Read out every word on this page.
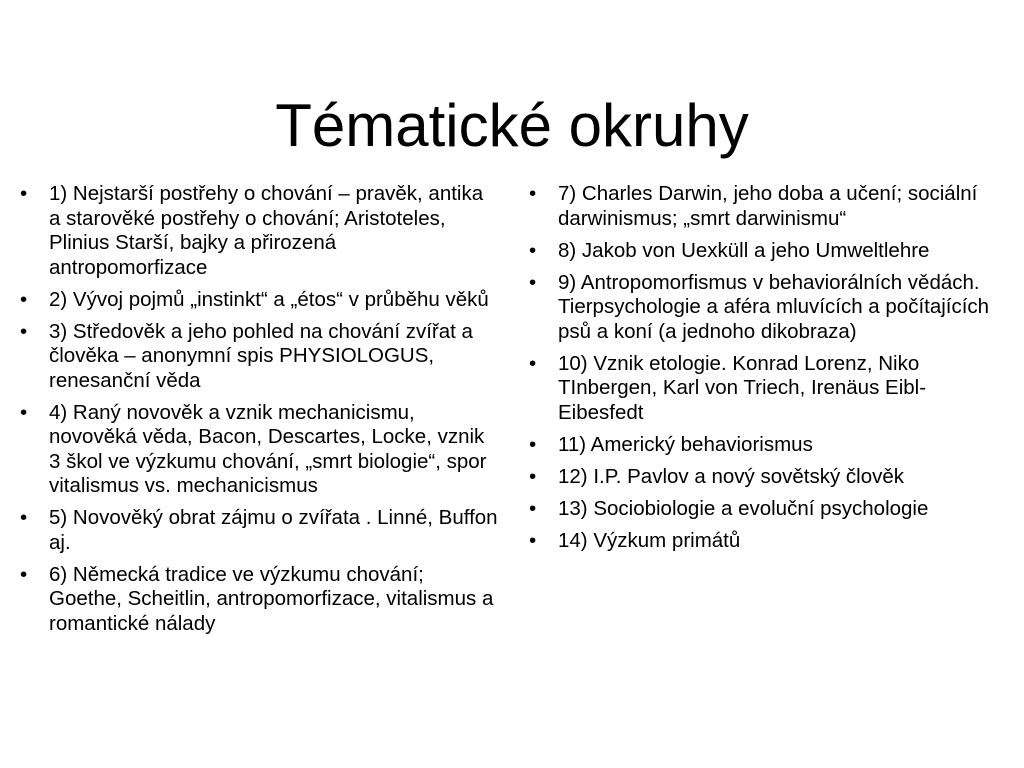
Tématické okruhy
• 1) Nejstarší postřehy o chování – pravěk, antika a starověké postřehy o chování; Aristoteles, Plinius Starší, bajky a přirozená antropomorfizace
• 2) Vývoj pojmů „instinkt“ a „étos“ v průběhu věků
• 3) Středověk a jeho pohled na chování zvířat a člověka – anonymní spis PHYSIOLOGUS, renesanční věda
• 4) Raný novověk a vznik mechanicismu, novověká věda, Bacon, Descartes, Locke, vznik 3 škol ve výzkumu chování, „smrt biologie“, spor vitalismus vs. mechanicismus
• 5) Novověký obrat zájmu o zvířata . Linné, Buffon aj.
• 6) Německá tradice ve výzkumu chování; Goethe, Scheitlin, antropomorfizace, vitalismus a romantické nálady
• 7) Charles Darwin, jeho doba a učení; sociální darwinismus; „smrt darwinismu“
• 8) Jakob von Uexküll a jeho Umweltlehre
• 9) Antropomorfismus v behaviorálních vědách. Tierpsychologie a aféra mluvících a počítajících psů a koní (a jednoho dikobraza)
• 10) Vznik etologie. Konrad Lorenz, Niko TInbergen, Karl von Triech, Irenäus Eibl-Eibesfedt
• 11) Americký behaviorismus
• 12) I.P. Pavlov a nový sovětský člověk
• 13) Sociobiologie a evoluční psychologie
• 14) Výzkum primátů
